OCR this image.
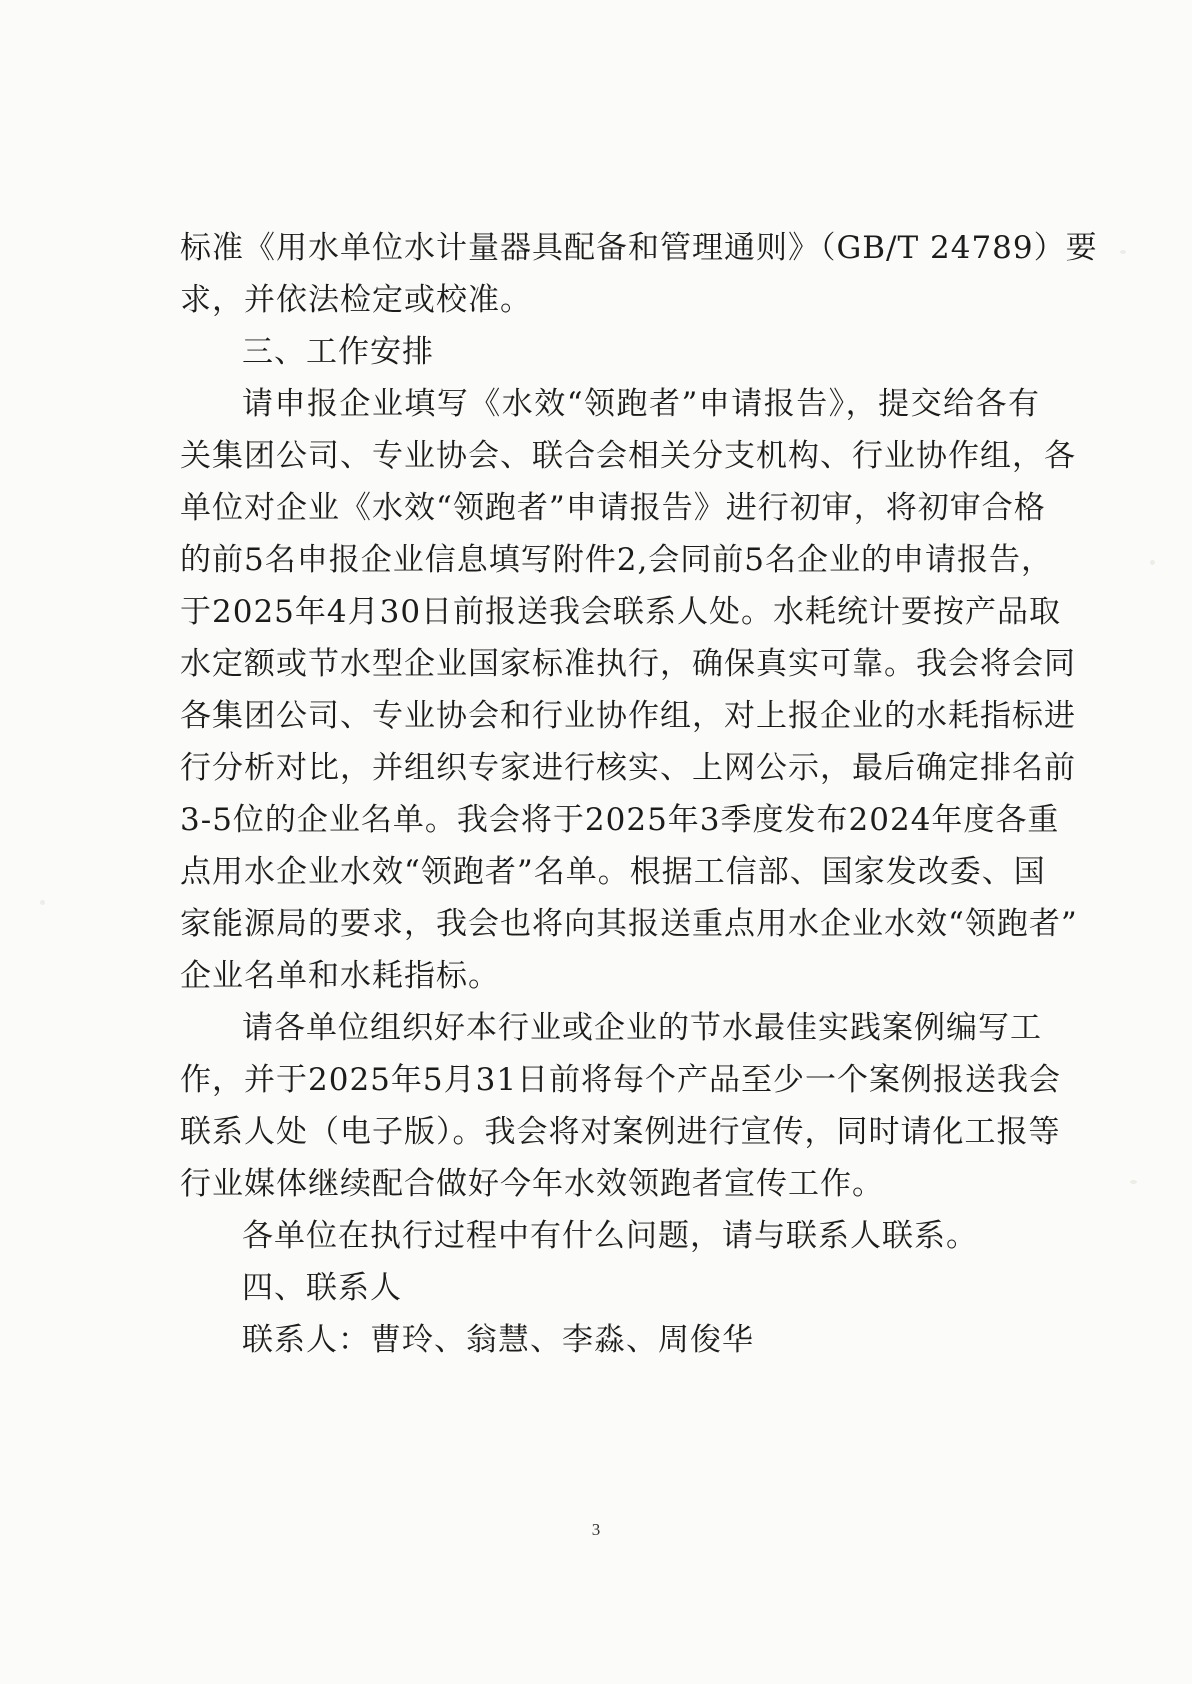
标准《用水单位水计量器具配备和管理通则》（GB/T 24789）要
求，并依法检定或校准。
三、工作安排
请申报企业填写《水效“领跑者”申请报告》，提交给各有
关集团公司、专业协会、联合会相关分支机构、行业协作组，各
单位对企业《水效“领跑者”申请报告》进行初审，将初审合格
的前5名申报企业信息填写附件2,会同前5名企业的申请报告，
于2025年4月30日前报送我会联系人处。水耗统计要按产品取
水定额或节水型企业国家标准执行，确保真实可靠。我会将会同
各集团公司、专业协会和行业协作组，对上报企业的水耗指标进
行分析对比，并组织专家进行核实、上网公示，最后确定排名前
3-5位的企业名单。我会将于2025年3季度发布2024年度各重
点用水企业水效“领跑者”名单。根据工信部、国家发改委、国
家能源局的要求，我会也将向其报送重点用水企业水效“领跑者”
企业名单和水耗指标。
请各单位组织好本行业或企业的节水最佳实践案例编写工
作，并于2025年5月31日前将每个产品至少一个案例报送我会
联系人处（电子版）。我会将对案例进行宣传，同时请化工报等
行业媒体继续配合做好今年水效领跑者宣传工作。
各单位在执行过程中有什么问题，请与联系人联系。
四、联系人
联系人：曹玲、翁慧、李淼、周俊华
3
